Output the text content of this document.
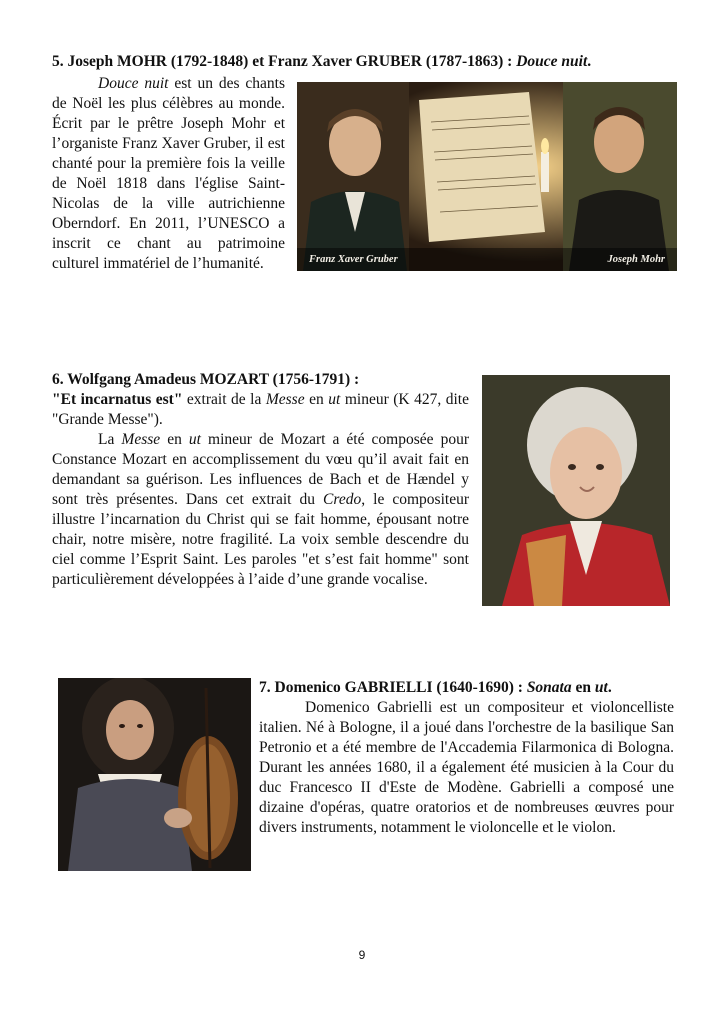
5. Joseph MOHR (1792-1848) et Franz Xaver GRUBER (1787-1863) : Douce nuit.

Douce nuit est un des chants de Noël les plus célèbres au monde. Écrit par le prêtre Joseph Mohr et l’organiste Franz Xaver Gruber, il est chanté pour la première fois la veille de Noël 1818 dans l'église Saint-Nicolas de la ville autrichienne Oberndorf. En 2011, l’UNESCO a inscrit ce chant au patrimoine culturel immatériel de l’humanité.	Franz Xaver Gruber	Joseph Mohr

6. Wolfgang Amadeus MOZART (1756-1791) :

"Et incarnatus est" extrait de la Messe en ut mineur (K 427, dite "Grande Messe").

La Messe en ut mineur de Mozart a été composée pour Constance Mozart en accomplissement du vœu qu’il avait fait en demandant sa guérison. Les influences de Bach et de Hændel y sont très présentes. Dans cet extrait du Credo, le compositeur illustre l’incarnation du Christ qui se fait homme, épousant notre chair, notre misère, notre fragilité. La voix semble descendre du ciel comme l’Esprit Saint. Les paroles "et s’est fait homme" sont particulièrement développées à l’aide d’une grande vocalise.

7. Domenico GABRIELLI (1640-1690) : Sonata en ut.

Domenico Gabrielli est un compositeur et violoncelliste italien. Né à Bologne, il a joué dans l'orchestre de la basilique San Petronio et a été membre de l'Accademia Filarmonica di Bologna. Durant les années 1680, il a également été musicien à la Cour du duc Francesco II d'Este de Modène. Gabrielli a composé une dizaine d'opéras, quatre oratorios et de nombreuses œuvres pour divers instruments, notamment le violoncelle et le violon.

9
